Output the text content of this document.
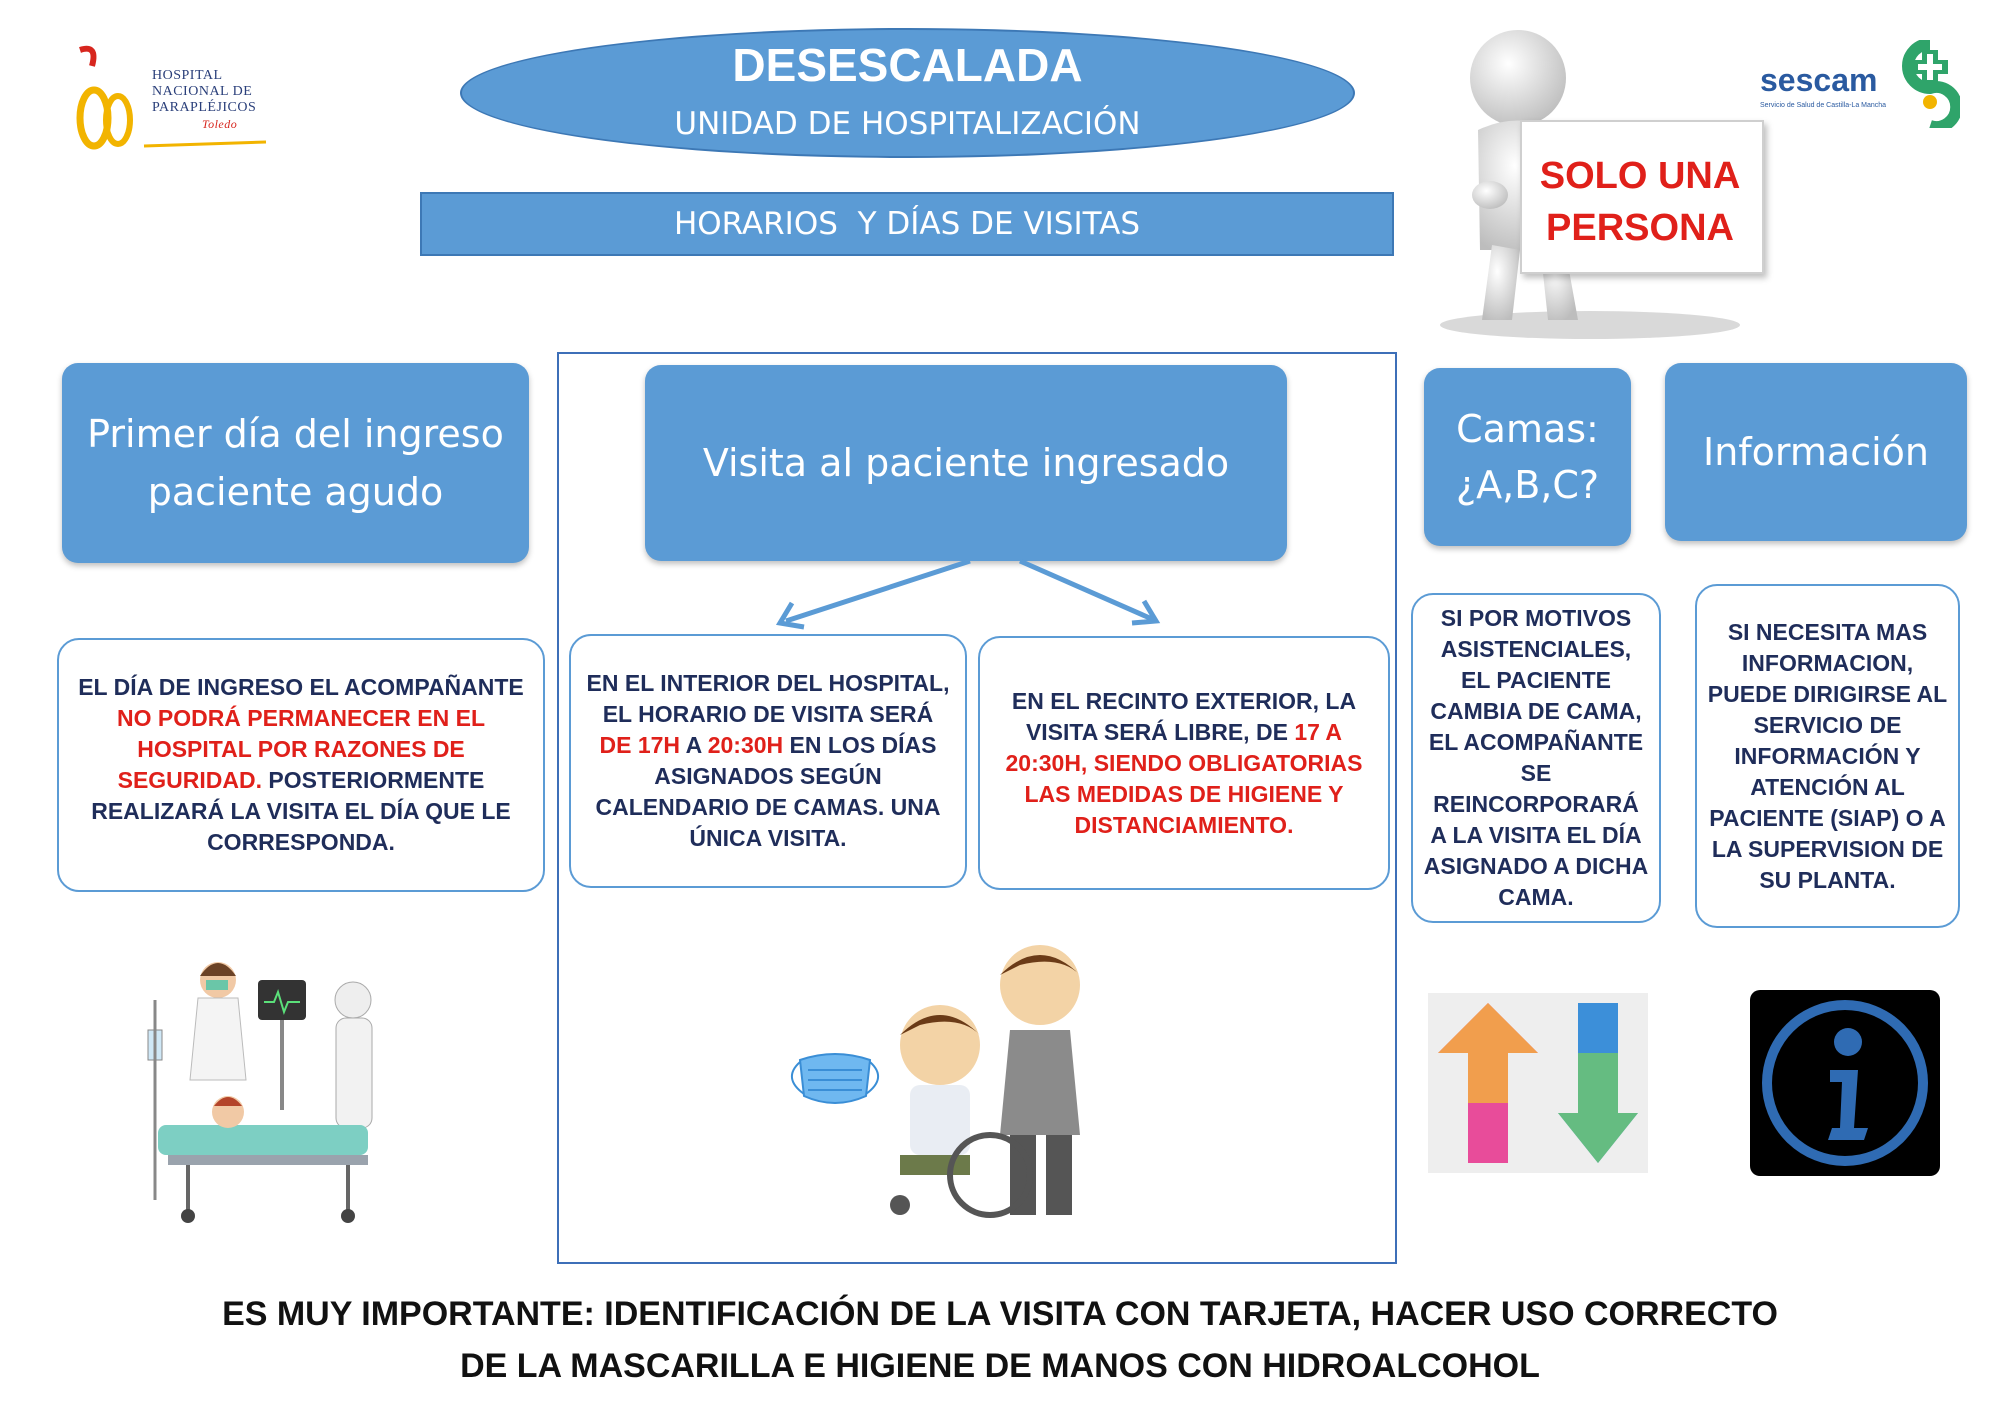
HOSPITAL
NACIONAL DE
PARAPLÉJICOS
Toledo
DESESCALADA
UNIDAD DE HOSPITALIZACIÓN
HORARIOS  Y DÍAS DE VISITAS
SOLO UNA
PERSONA
sescam
Servicio de Salud de Castilla-La Mancha
Primer día del ingreso paciente agudo
Visita al paciente ingresado
Camas: ¿A,B,C?
Información
EL DÍA DE INGRESO EL ACOMPAÑANTE NO PODRÁ PERMANECER EN EL HOSPITAL POR RAZONES DE SEGURIDAD. POSTERIORMENTE REALIZARÁ LA VISITA EL DÍA QUE LE CORRESPONDA.
EN EL INTERIOR DEL HOSPITAL, EL HORARIO DE VISITA SERÁ DE 17H A 20:30H EN LOS DÍAS ASIGNADOS SEGÚN CALENDARIO DE CAMAS. UNA ÚNICA VISITA.
EN EL RECINTO EXTERIOR, LA VISITA SERÁ LIBRE, DE 17 A 20:30H, SIENDO OBLIGATORIAS LAS MEDIDAS DE HIGIENE Y DISTANCIAMIENTO.
SI POR MOTIVOS ASISTENCIALES, EL PACIENTE CAMBIA DE CAMA, EL ACOMPAÑANTE SE REINCORPORARÁ A LA VISITA EL DÍA ASIGNADO A DICHA CAMA.
SI NECESITA MAS INFORMACION, PUEDE DIRIGIRSE AL SERVICIO DE INFORMACIÓN Y ATENCIÓN AL PACIENTE (SIAP) O A LA SUPERVISION DE SU PLANTA.
ES MUY IMPORTANTE: IDENTIFICACIÓN DE LA VISITA CON TARJETA, HACER USO CORRECTO
DE LA MASCARILLA E HIGIENE DE MANOS CON HIDROALCOHOL
